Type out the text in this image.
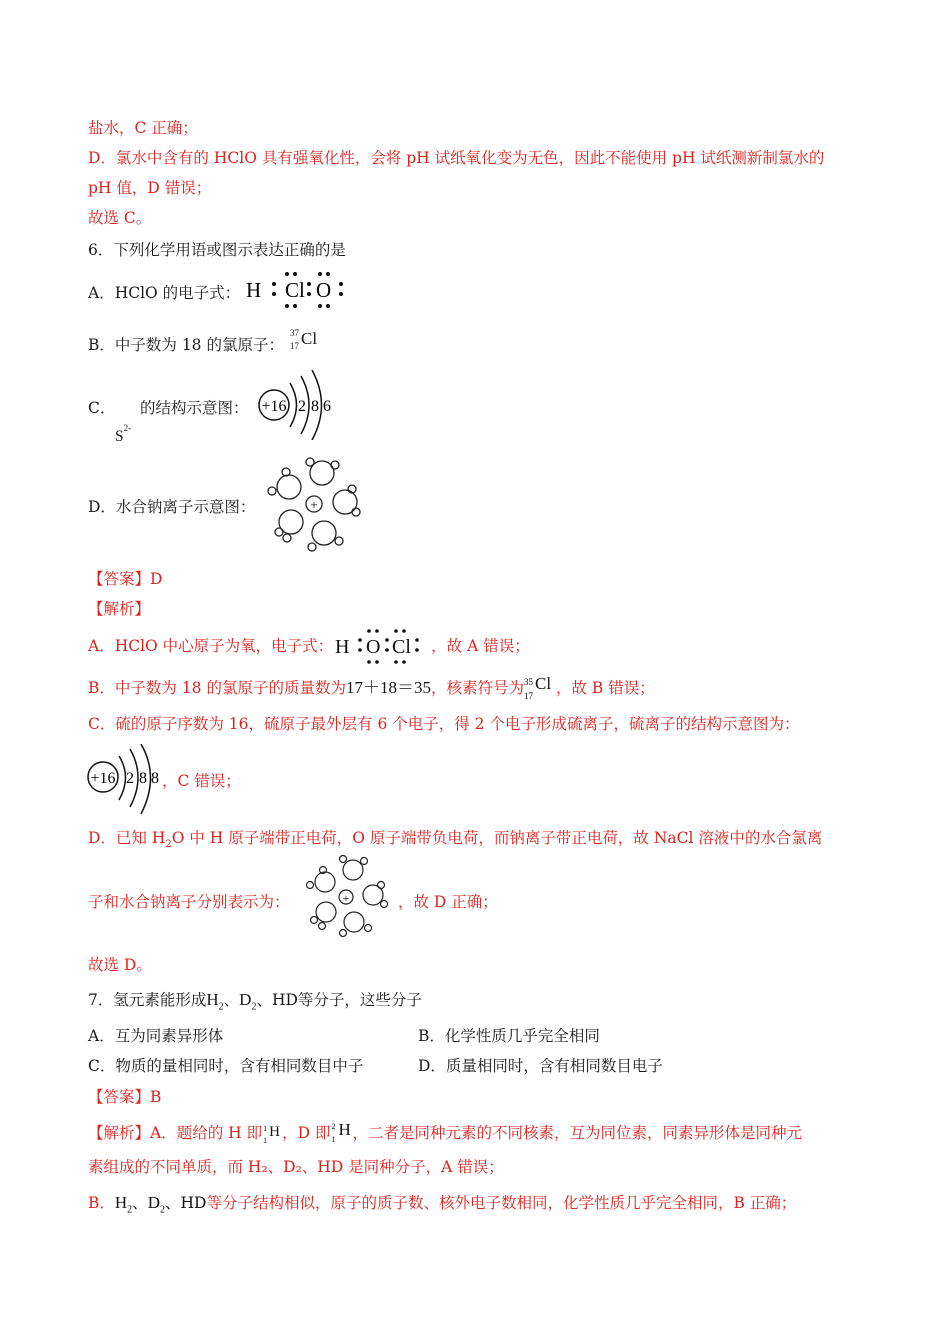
盐水，C 正确；
D．氯水中含有的 HClO 具有强氧化性，会将 pH 试纸氧化变为无色，因此不能使用 pH 试纸测新制氯水的
pH 值，D 错误；
故选 C。
6．下列化学用语或图示表达正确的是
A．HClO 的电子式： H Cl O
B．中子数为 18 的氯原子：
37
17 Cl
C．
$S^{2-}$
的结构示意图： +16 2 8 6
D．水合钠离子示意图：	+
【答案】D
【解析】
A．HClO 中心原子为氧，电子式： H O Cl ，故 A 错误；
B．中子数为 18 的氯原子的质量数为17＋18＝35，核素符号为 35
17
Cl ，故 B 错误；
C．硫的原子序数为 16，硫原子最外层有 6 个电子，得 2 个电子形成硫离子，硫离子的结构示意图为：
+16 2 8 8 ，C 错误；
D．已知 $H_2O$ 中 H 原子端带正电荷，O 原子端带负电荷，而钠离子带正电荷，故 NaCl 溶液中的水合氯离
子和水合钠离子分别表示为：	+	，故 D 正确；
故选 D。
7．氢元素能形成$H_2$、$D_2$、HD等分子，这些分子
A．互为同素异形体	B．化学性质几乎完全相同
C．物质的量相同时，含有相同数目中子	D．质量相同时，含有相同数目电子
【答案】B
【解析】A．题给的 H 即 1
1
H ，D 即 2
1
H ，二者是同种元素的不同核素，互为同位素，同素异形体是同种元
素组成的不同单质，而 H₂、D₂、HD 是同种分子，A 错误；
B．$H_2$、$D_2$、HD等分子结构相似，原子的质子数、核外电子数相同，化学性质几乎完全相同，B 正确；
